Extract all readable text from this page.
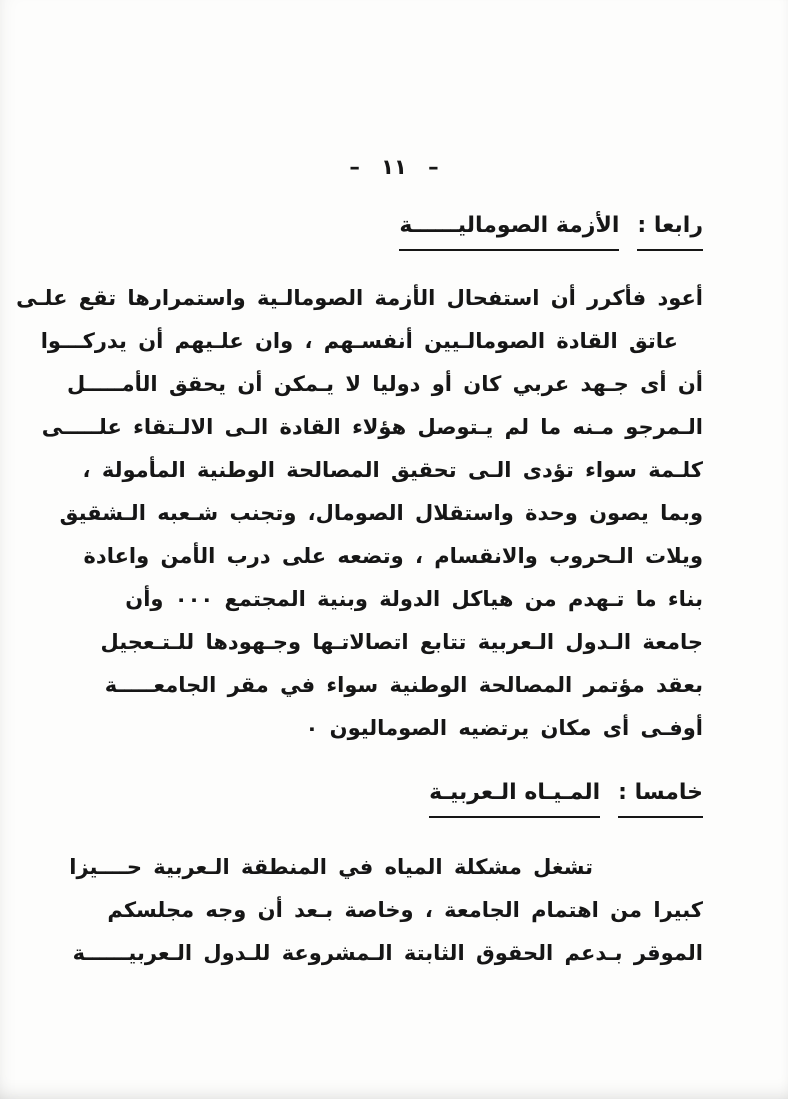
– ١١ –
رابعا :
الأزمة الصوماليــــــة
أعود فأكرر أن استفحال الأزمة الصومالـية واستمرارها تقع علـى
عاتق القادة الصومالـيين أنفسـهم ، وان علـيهم أن يدركـــوا
أن أى جـهد عربي كان أو دوليا لا يـمكن أن يحقق الأمـــــل
الـمرجو مـنه ما لم يـتوصل هؤلاء القادة الـى الالـتقاء علـــــى
كلـمة سواء تؤدى الـى تحقيق المصالحة الوطنية المأمولة ،
وبما يصون وحدة واستقلال الصومال، وتجنب شـعبه الـشقيق
ويلات الـحروب والانقسام ، وتضعه على درب الأمن واعادة
بناء ما تـهدم من هياكل الدولة وبنية المجتمع ٠٠٠ وأن
جامعة الـدول الـعربية تتابع اتصالاتـها وجـهودها للـتـعجيل
بعقد مؤتمر المصالحة الوطنية سواء في مقر الجامعـــــة
أوفـى أى مكان يرتضيه الصوماليون ٠
خامسا :
المـيـاه الـعربيـة
تشغل مشكلة المياه في المنطقة الـعربية حــــيزا
كبيرا من اهتمام الجامعة ، وخاصة بـعد أن وجه مجلسكم
الموقر بـدعم الحقوق الثابتة الـمشروعة للـدول الـعربيــــــة
